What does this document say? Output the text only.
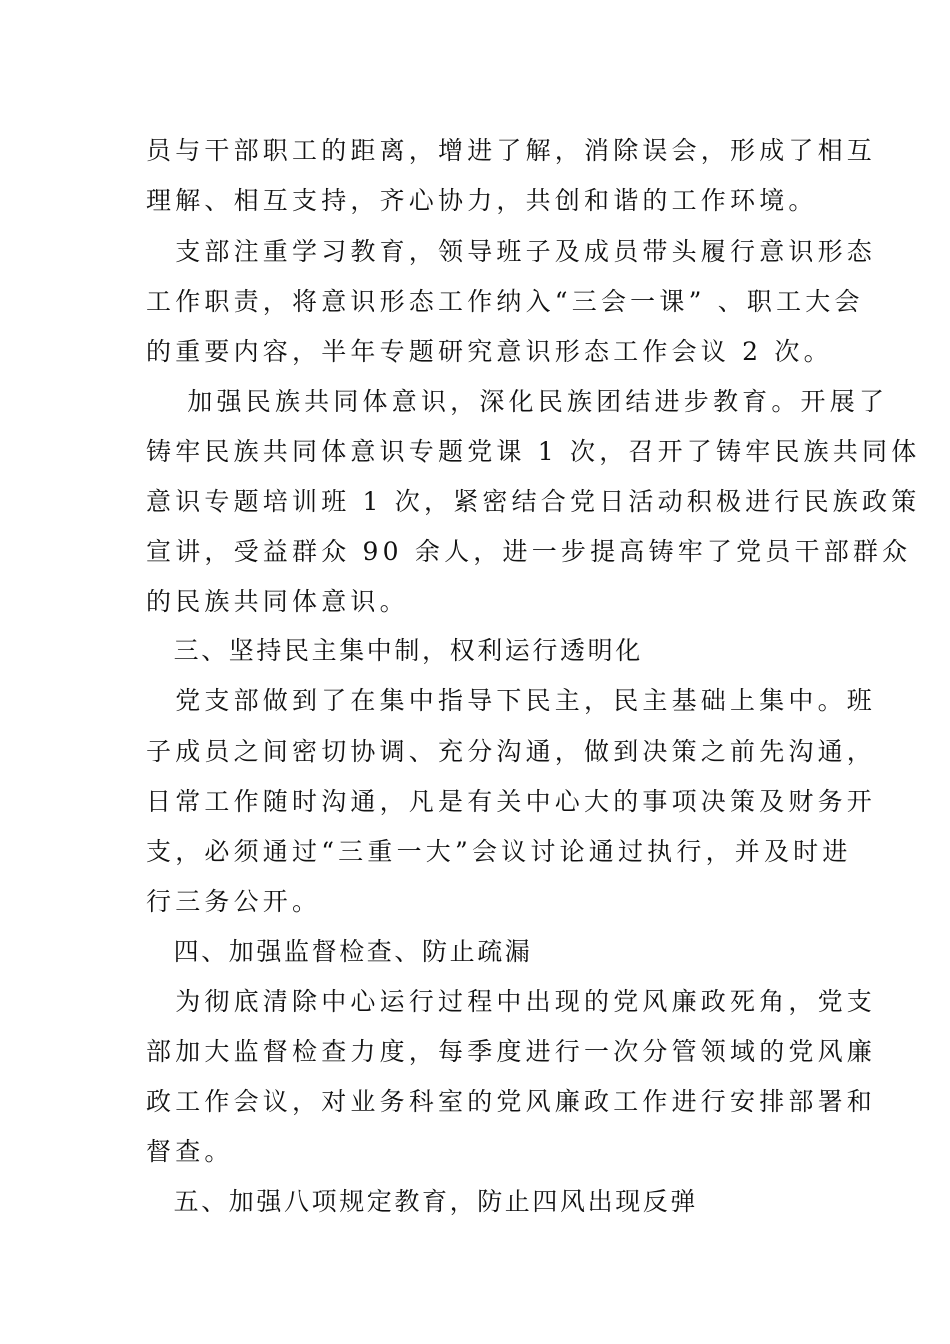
员与干部职工的距离，增进了解，消除误会，形成了相互
理解、相互支持，齐心协力，共创和谐的工作环境。
　支部注重学习教育，领导班子及成员带头履行意识形态
工作职责，将意识形态工作纳入“三会一课” 、职工大会
的重要内容，半年专题研究意识形态工作会议 2 次。
　 加强民族共同体意识，深化民族团结进步教育。开展了
铸牢民族共同体意识专题党课 1 次，召开了铸牢民族共同体
意识专题培训班 1 次，紧密结合党日活动积极进行民族政策
宣讲，受益群众 90 余人，进一步提高铸牢了党员干部群众
的民族共同体意识。
　三、坚持民主集中制，权利运行透明化
　党支部做到了在集中指导下民主，民主基础上集中。班
子成员之间密切协调、充分沟通，做到决策之前先沟通，
日常工作随时沟通，凡是有关中心大的事项决策及财务开
支，必须通过“三重一大”会议讨论通过执行，并及时进
行三务公开。
　四、加强监督检查、防止疏漏
　为彻底清除中心运行过程中出现的党风廉政死角，党支
部加大监督检查力度，每季度进行一次分管领域的党风廉
政工作会议，对业务科室的党风廉政工作进行安排部署和
督查。
　五、加强八项规定教育，防止四风出现反弹
